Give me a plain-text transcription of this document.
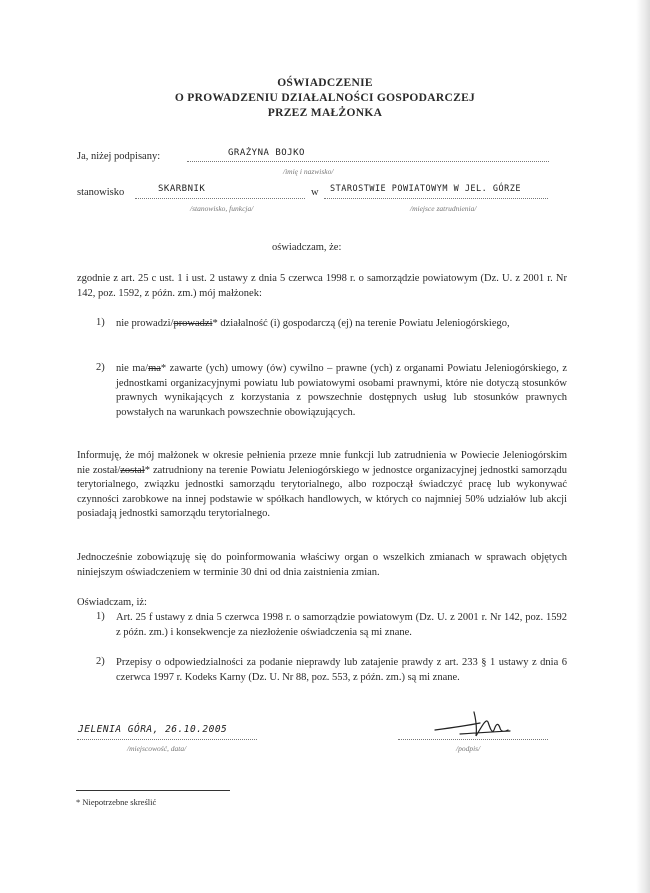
OŚWIADCZENIE
O PROWADZENIU DZIAŁALNOŚCI GOSPODARCZEJ
PRZEZ MAŁŻONKA
Ja, niżej podpisany:	GRAŻYNA BOJKO
/imię i nazwisko/
stanowisko	SKARBNIK
/stanowisko, funkcja/
w STAROSTWIE POWIATOWYM W JEL. GÓRZE
/miejsce zatrudnienia/
oświadczam, że:
zgodnie z art. 25 c ust. 1 i ust. 2 ustawy z dnia 5 czerwca 1998 r. o samorządzie powiatowym (Dz. U. z 2001 r. Nr 142, poz. 1592, z późn. zm.) mój małżonek:
1) nie prowadzi/prowadzi* działalność (i) gospodarczą (ej) na terenie Powiatu Jeleniogórskiego,
2) nie ma/ma* zawarte (ych) umowy (ów) cywilno – prawne (ych) z organami Powiatu Jeleniogórskiego, z jednostkami organizacyjnymi powiatu lub powiatowymi osobami prawnymi, które nie dotyczą stosunków prawnych wynikających z korzystania z powszechnie dostępnych usług lub stosunków prawnych powstałych na warunkach powszechnie obowiązujących.
Informuję, że mój małżonek w okresie pełnienia przeze mnie funkcji lub zatrudnienia w Powiecie Jeleniogórskim nie został/został* zatrudniony na terenie Powiatu Jeleniogórskiego w jednostce organizacyjnej jednostki samorządu terytorialnego, związku jednostki samorządu terytorialnego, albo rozpoczął świadczyć pracę lub wykonywać czynności zarobkowe na innej podstawie w spółkach handlowych, w których co najmniej 50% udziałów lub akcji posiadają jednostki samorządu terytorialnego.
Jednocześnie zobowiązuję się do poinformowania właściwy organ o wszelkich zmianach w sprawach objętych niniejszym oświadczeniem w terminie 30 dni od dnia zaistnienia zmian.
Oświadczam, iż:
1) Art. 25 f ustawy z dnia 5 czerwca 1998 r. o samorządzie powiatowym (Dz. U. z 2001 r. Nr 142, poz. 1592 z późn. zm.) i konsekwencje za niezłożenie oświadczenia są mi znane.
2) Przepisy o odpowiedzialności za podanie nieprawdy lub zatajenie prawdy z art. 233 § 1 ustawy z dnia 6 czerwca 1997 r. Kodeks Karny (Dz. U. Nr 88, poz. 553, z późn. zm.) są mi znane.
JELENIA GÓRA, 26.10.2005
/miejscowość, data/	/podpis/
* Niepotrzebne skreślić
